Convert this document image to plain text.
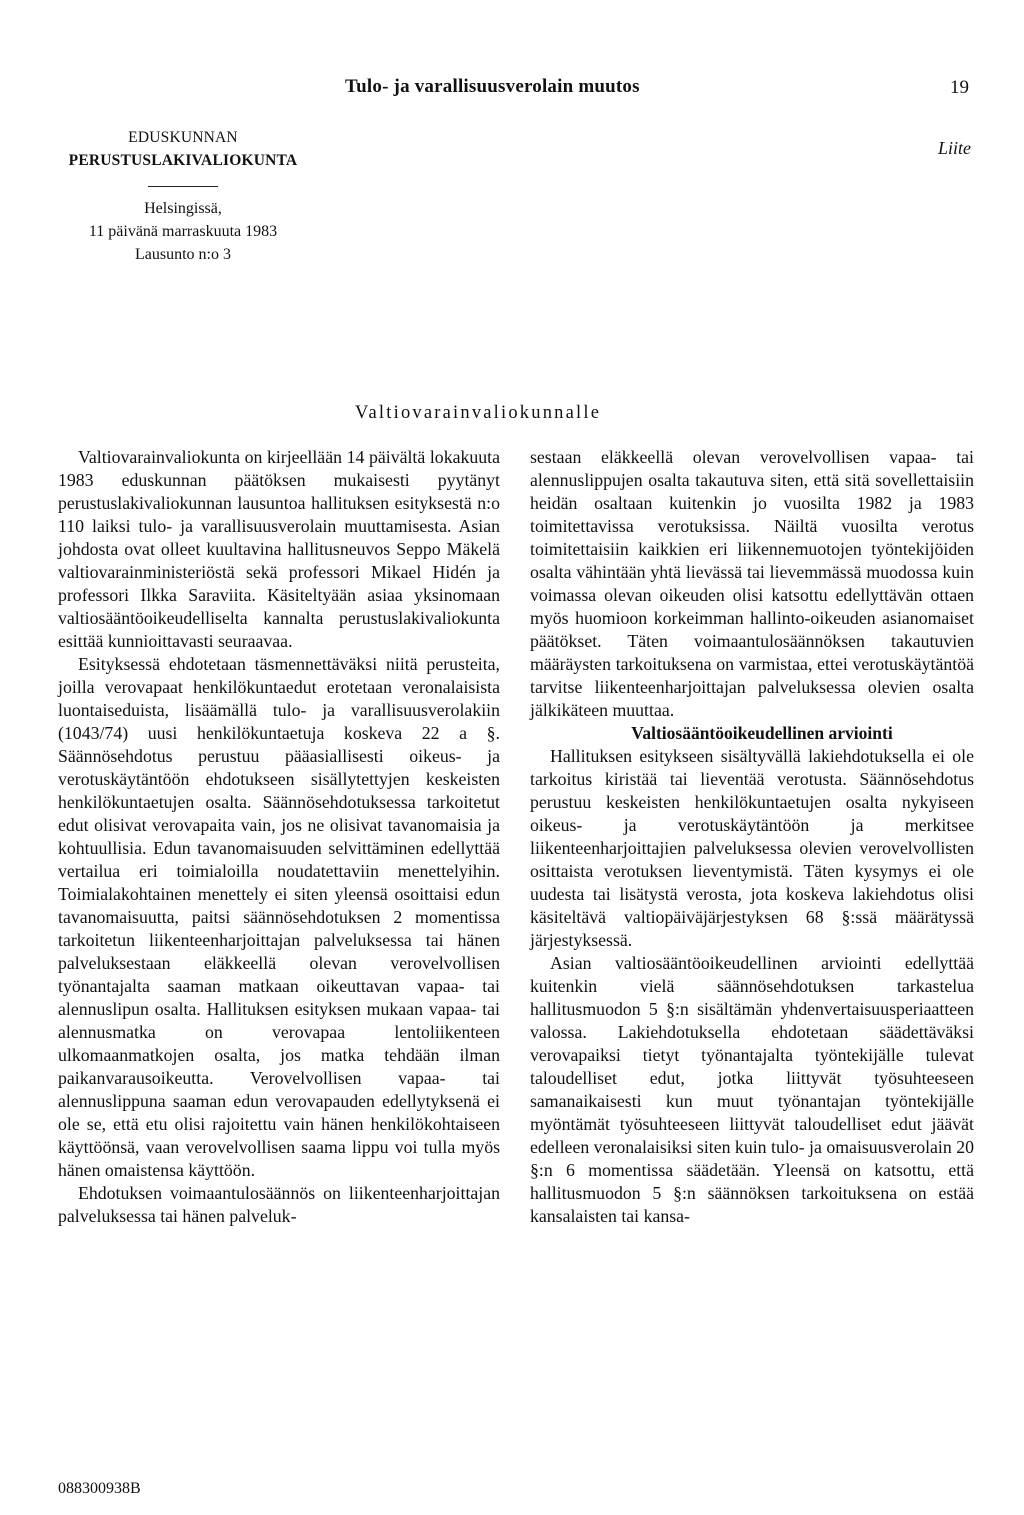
Tulo- ja varallisuusverolain muutos	19
EDUSKUNNAN
PERUSTUSLAKIVALIOKUNTA
Helsingissä,
11 päivänä marraskuuta 1983
Lausunto n:o 3
Liite
Valtiovarainvaliokunnalle

Valtiovarainvaliokunta on kirjeellään 14 päivältä lokakuuta 1983 eduskunnan päätöksen mukaisesti pyytänyt perustuslakivaliokunnan lausuntoa hallituksen esityksestä n:o 110 laiksi tulo- ja varallisuusverolain muuttamisesta. Asian johdosta ovat olleet kuultavina hallitusneuvos Seppo Mäkelä valtiovarainministeriöstä sekä professori Mikael Hidén ja professori Ilkka Saraviita. Käsiteltyään asiaa yksinomaan valtiosääntöoikeudelliselta kannalta perustuslakivaliokunta esittää kunnioittavasti seuraavaa.

Esityksessä ehdotetaan täsmennettäväksi niitä perusteita, joilla verovapaat henkilökuntaedut erotetaan veronalaisista luontaiseduista, lisäämällä tulo- ja varallisuusverolakiin (1043/74) uusi henkilökuntaetuja koskeva 22 a §. Säännösehdotus perustuu pääasiallisesti oikeus- ja verotuskäytäntöön ehdotukseen sisällytettyjen keskeisten henkilökuntaetujen osalta. Säännösehdotuksessa tarkoitetut edut olisivat verovapaita vain, jos ne olisivat tavanomaisia ja kohtuullisia. Edun tavanomaisuuden selvittäminen edellyttää vertailua eri toimialoilla noudatettaviin menettelyihin. Toimialakohtainen menettely ei siten yleensä osoittaisi edun tavanomaisuutta, paitsi säännösehdotuksen 2 momentissa tarkoitetun liikenteenharjoittajan palveluksessa tai hänen palveluksestaan eläkkeellä olevan verovelvollisen työnantajalta saaman matkaan oikeuttavan vapaa- tai alennuslipun osalta. Hallituksen esityksen mukaan vapaa- tai alennusmatka on verovapaa lentoliikenteen ulkomaanmatkojen osalta, jos matka tehdään ilman paikanvarausoikeutta. Verovelvollisen vapaa- tai alennuslippuna saaman edun verovapauden edellytyksenä ei ole se, että etu olisi rajoitettu vain hänen henkilökohtaiseen käyttöönsä, vaan verovelvollisen saama lippu voi tulla myös hänen omaistensa käyttöön.

Ehdotuksen voimaantulosäännös on liikenteenharjoittajan palveluksessa tai hänen palveluk-

sestaan eläkkeellä olevan verovelvollisen vapaa- tai alennuslippujen osalta takautuva siten, että sitä sovellettaisiin heidän osaltaan kuitenkin jo vuosilta 1982 ja 1983 toimitettavissa verotuksissa. Näiltä vuosilta verotus toimitettaisiin kaikkien eri liikennemuotojen työntekijöiden osalta vähintään yhtä lievässä tai lievemmässä muodossa kuin voimassa olevan oikeuden olisi katsottu edellyttävän ottaen myös huomioon korkeimman hallinto-oikeuden asianomaiset päätökset. Täten voimaantulosäännöksen takautuvien määräysten tarkoituksena on varmistaa, ettei verotuskäytäntöä tarvitse liikenteenharjoittajan palveluksessa olevien osalta jälkikäteen muuttaa.

Valtiosääntöoikeudellinen arviointi

Hallituksen esitykseen sisältyvällä lakiehdotuksella ei ole tarkoitus kiristää tai lieventää verotusta. Säännösehdotus perustuu keskeisten henkilökuntaetujen osalta nykyiseen oikeus- ja verotuskäytäntöön ja merkitsee liikenteenharjoittajien palveluksessa olevien verovelvollisten osittaista verotuksen lieventymistä. Täten kysymys ei ole uudesta tai lisätystä verosta, jota koskeva lakiehdotus olisi käsiteltävä valtiopäiväjärjestyksen 68 §:ssä määrätyssä järjestyksessä.

Asian valtiosääntöoikeudellinen arviointi edellyttää kuitenkin vielä säännösehdotuksen tarkastelua hallitusmuodon 5 §:n sisältämän yhdenvertaisuusperiaatteen valossa. Lakiehdotuksella ehdotetaan säädettäväksi verovapaiksi tietyt työnantajalta työntekijälle tulevat taloudelliset edut, jotka liittyvät työsuhteeseen samanaikaisesti kun muut työnantajan työntekijälle myöntämät työsuhteeseen liittyvät taloudelliset edut jäävät edelleen veronalaisiksi siten kuin tulo- ja omaisuusverolain 20 §:n 6 momentissa säädetään. Yleensä on katsottu, että hallitusmuodon 5 §:n säännöksen tarkoituksena on estää kansalaisten tai kansa-

088300938B
